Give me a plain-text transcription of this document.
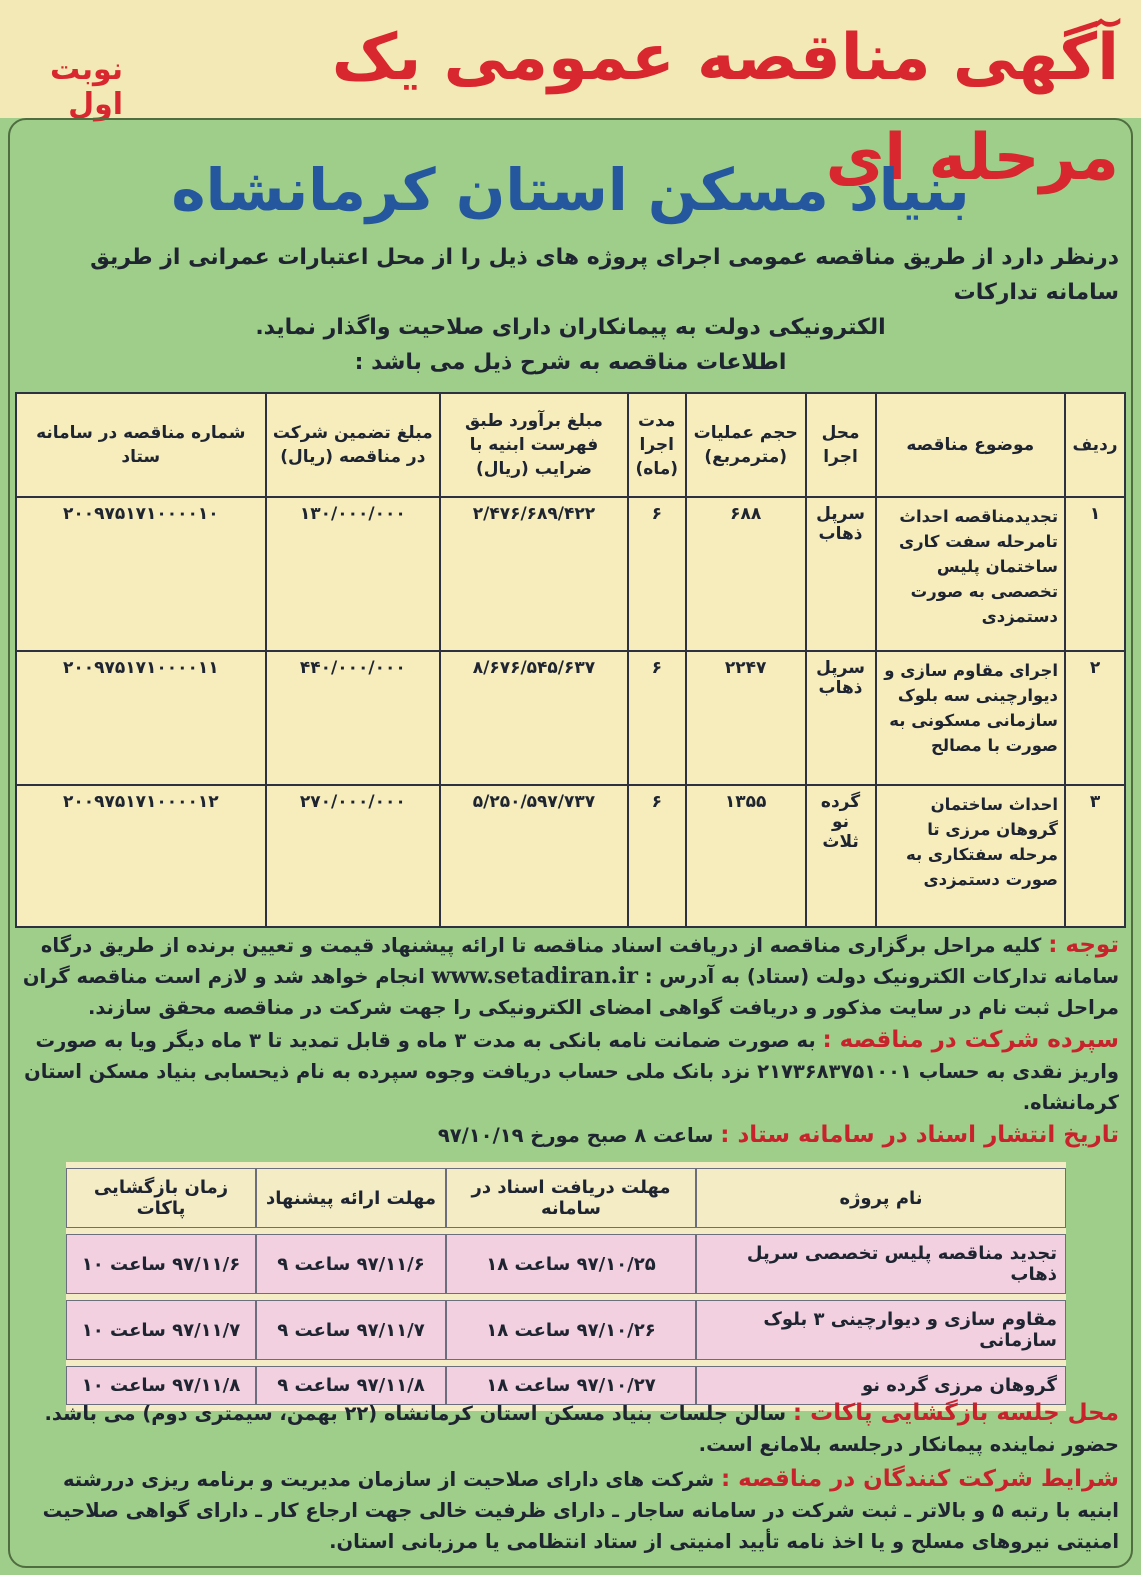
آگهی مناقصه عمومی یک مرحله ای
نوبت اول
بنیاد مسکن استان کرمانشاه

درنظر دارد از طریق مناقصه عمومی اجرای پروژه های ذیل را از محل اعتبارات عمرانی از طریق سامانه تدارکات

الکترونیکی دولت به پیمانکاران دارای صلاحیت واگذار نماید.

اطلاعات مناقصه به شرح ذیل می باشد :

ردیف	موضوع مناقصه	محل اجرا	حجم عملیات (مترمربع)	مدت اجرا (ماه)	مبلغ برآورد طبق فهرست ابنیه با ضرایب (ریال)	مبلغ تضمین شرکت در مناقصه (ریال)	شماره مناقصه در سامانه ستاد
۱	تجدیدمناقصه احداث تامرحله سفت کاری ساختمان پلیس تخصصی به صورت دستمزدی	سرپل ذهاب	۶۸۸	۶	۲/۴۷۶/۶۸۹/۴۲۲	۱۳۰/۰۰۰/۰۰۰	۲۰۰۹۷۵۱۷۱۰۰۰۰۱۰
۲	اجرای مقاوم سازی و دیوارچینی سه بلوک سازمانی مسکونی به صورت با مصالح	سرپل ذهاب	۲۲۴۷	۶	۸/۶۷۶/۵۴۵/۶۳۷	۴۴۰/۰۰۰/۰۰۰	۲۰۰۹۷۵۱۷۱۰۰۰۰۱۱
۳	احداث ساختمان گروهان مرزی تا مرحله سفتکاری به صورت دستمزدی	گرده نو ثلاث	۱۳۵۵	۶	۵/۲۵۰/۵۹۷/۷۳۷	۲۷۰/۰۰۰/۰۰۰	۲۰۰۹۷۵۱۷۱۰۰۰۰۱۲

توجه : کلیه مراحل برگزاری مناقصه از دریافت اسناد مناقصه تا ارائه پیشنهاد قیمت و تعیین برنده از طریق درگاه سامانه تدارکات الکترونیک دولت (ستاد) به آدرس : www.setadiran.ir انجام خواهد شد و لازم است مناقصه گران مراحل ثبت نام در سایت مذکور و دریافت گواهی امضای الکترونیکی را جهت شرکت در مناقصه محقق سازند.

سپرده شرکت در مناقصه : به صورت ضمانت نامه بانکی به مدت ۳ ماه و قابل تمدید تا ۳ ماه دیگر ویا به صورت واریز نقدی به حساب ۲۱۷۳۶۸۳۷۵۱۰۰۱ نزد بانک ملی حساب دریافت وجوه سپرده به نام ذیحسابی بنیاد مسکن استان کرمانشاه.

تاریخ انتشار اسناد در سامانه ستاد : ساعت ۸ صبح مورخ ۹۷/۱۰/۱۹

نام پروژه	مهلت دریافت اسناد در سامانه	مهلت ارائه پیشنهاد	زمان بازگشایی پاکات
تجدید مناقصه پلیس تخصصی سرپل ذهاب	۹۷/۱۰/۲۵ ساعت ۱۸	۹۷/۱۱/۶ ساعت ۹	۹۷/۱۱/۶ ساعت ۱۰
مقاوم سازی و دیوارچینی ۳ بلوک سازمانی	۹۷/۱۰/۲۶ ساعت ۱۸	۹۷/۱۱/۷ ساعت ۹	۹۷/۱۱/۷ ساعت ۱۰
گروهان مرزی گرده نو	۹۷/۱۰/۲۷ ساعت ۱۸	۹۷/۱۱/۸ ساعت ۹	۹۷/۱۱/۸ ساعت ۱۰

محل جلسه بازگشایی پاکات : سالن جلسات بنیاد مسکن استان کرمانشاه (۲۲ بهمن، سیمتری دوم) می باشد. حضور نماینده پیمانکار درجلسه بلامانع است.

شرایط شرکت کنندگان در مناقصه : شرکت های دارای صلاحیت از سازمان مدیریت و برنامه ریزی دررشته ابنیه با رتبه ۵ و بالاتر ـ ثبت شرکت در سامانه ساجار ـ دارای ظرفیت خالی جهت ارجاع کار ـ دارای گواهی صلاحیت امنیتی نیروهای مسلح و یا اخذ نامه تأیید امنیتی از ستاد انتظامی یا مرزبانی استان.
